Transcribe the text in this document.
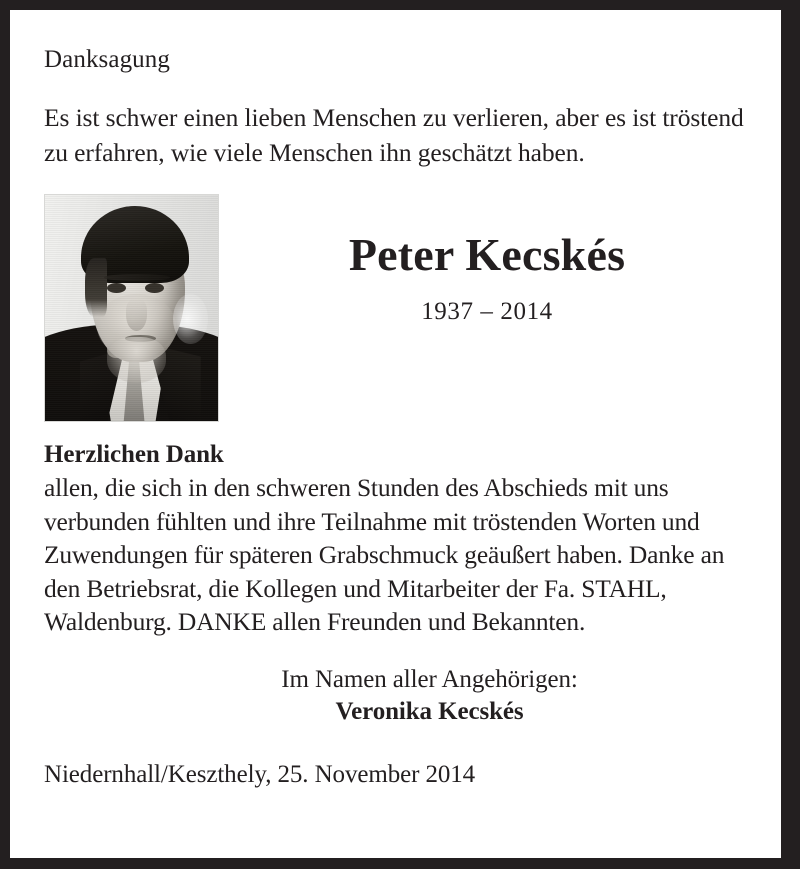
Danksagung
Es ist schwer einen lieben Menschen zu verlieren, aber es ist tröstend zu erfahren, wie viele Menschen ihn geschätzt haben.
Peter Kecskés
1937 – 2014
Herzlichen Dank
allen, die sich in den schweren Stunden des Abschieds mit uns verbunden fühlten und ihre Teilnahme mit tröstenden Worten und Zuwendungen für späteren Grabschmuck geäußert haben. Danke an den Betriebsrat, die Kollegen und Mitarbeiter der Fa. STAHL, Waldenburg. DANKE allen Freunden und Bekannten.
Im Namen aller Angehörigen:
Veronika Kecskés
Niedernhall/Keszthely, 25. November 2014
